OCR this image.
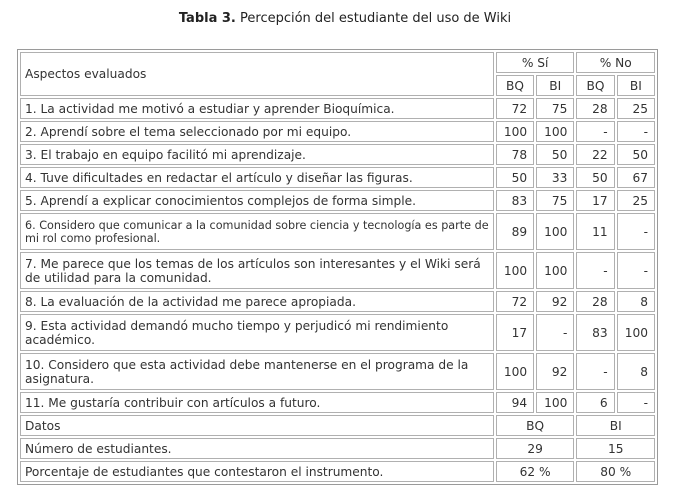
Tabla 3. Percepción del estudiante del uso de Wiki
Aspectos evaluados	% Sí		% No	
	BQ	BI	BQ	BI
1. La actividad me motivó a estudiar y aprender Bioquímica.	72	75	28	25
2. Aprendí sobre el tema seleccionado por mi equipo.	100	100	-	-
3. El trabajo en equipo facilitó mi aprendizaje.	78	50	22	50
4. Tuve dificultades en redactar el artículo y diseñar las figuras.	50	33	50	67
5. Aprendí a explicar conocimientos complejos de forma simple.	83	75	17	25
6. Considero que comunicar a la comunidad sobre ciencia y tecnología es parte de mi rol como profesional.	89	100	11	-
7. Me parece que los temas de los artículos son interesantes y el Wiki será de utilidad para la comunidad.	100	100	-	-
8. La evaluación de la actividad me parece apropiada.	72	92	28	8
9. Esta actividad demandó mucho tiempo y perjudicó mi rendimiento académico.	17	-	83	100
10. Considero que esta actividad debe mantenerse en el programa de la asignatura.	100	92	-	8
11. Me gustaría contribuir con artículos a futuro.	94	100	6	-
Datos	BQ		BI	
Número de estudiantes.	29		15	
Porcentaje de estudiantes que contestaron el instrumento.	62 %		80 %	
